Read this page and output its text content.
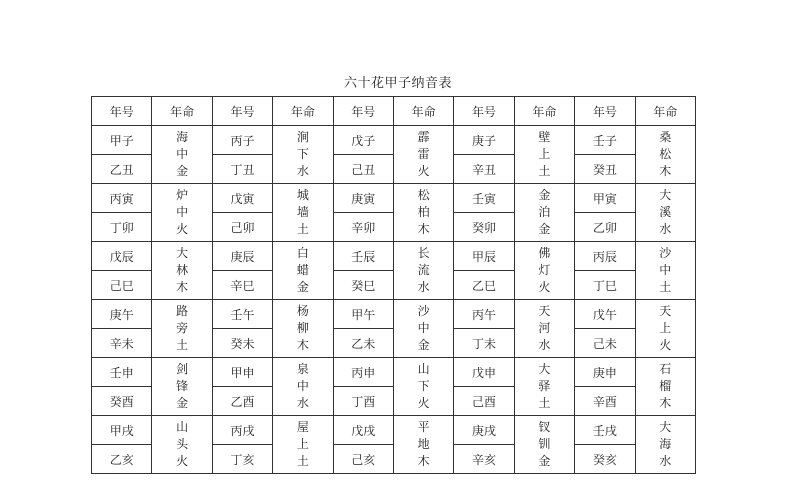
六十花甲子纳音表
年号	年命	年号	年命	年号	年命	年号	年命	年号	年命
甲子	海中金	丙子	涧下水	戊子	霹雷火	庚子	壁上土	壬子	桑松木
乙丑		丁丑		己丑		辛丑		癸丑	
丙寅	炉中火	戊寅	城墙土	庚寅	松柏木	壬寅	金泊金	甲寅	大溪水
丁卯		己卯		辛卯		癸卯		乙卯	
戊辰	大林木	庚辰	白蜡金	壬辰	长流水	甲辰	佛灯火	丙辰	沙中土
己巳		辛巳		癸巳		乙巳		丁巳	
庚午	路旁土	壬午	杨柳木	甲午	沙中金	丙午	天河水	戊午	天上火
辛未		癸未		乙未		丁未		己未	
壬申	剑锋金	甲申	泉中水	丙申	山下火	戊申	大驿土	庚申	石榴木
癸酉		乙酉		丁酉		己酉		辛酉	
甲戌	山头火	丙戌	屋上土	戊戌	平地木	庚戌	钗钏金	壬戌	大海水
乙亥		丁亥		己亥		辛亥		癸亥	
